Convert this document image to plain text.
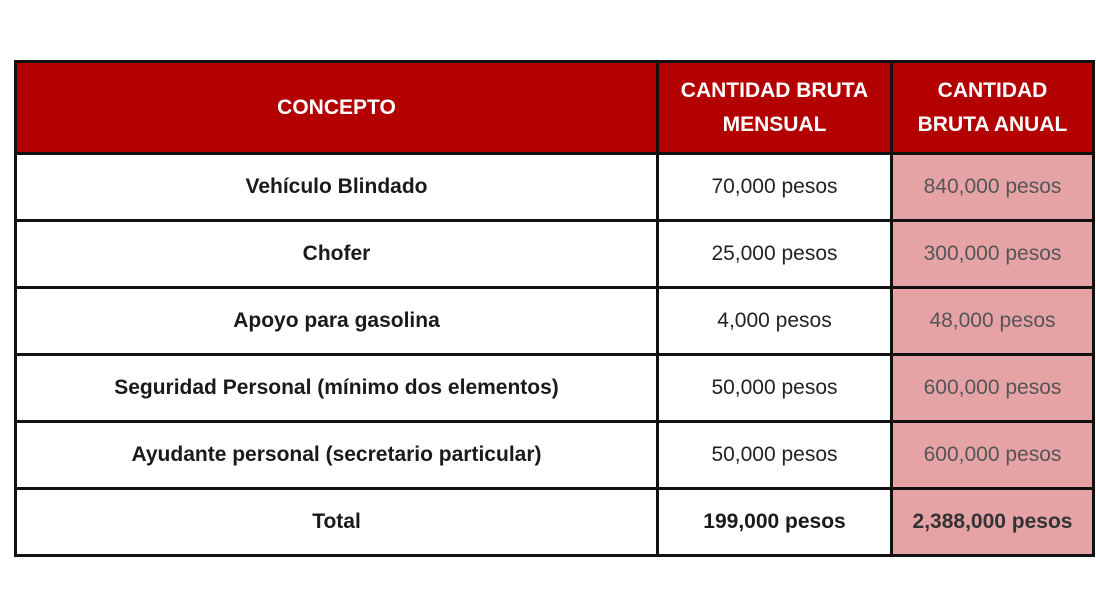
CONCEPTO	CANTIDAD BRUTA MENSUAL	CANTIDAD BRUTA ANUAL
Vehículo Blindado	70,000 pesos	840,000 pesos
Chofer	25,000 pesos	300,000 pesos
Apoyo para gasolina	4,000 pesos	48,000 pesos
Seguridad Personal (mínimo dos elementos)	50,000 pesos	600,000 pesos
Ayudante personal (secretario particular)	50,000 pesos	600,000 pesos
Total	199,000 pesos	2,388,000 pesos
